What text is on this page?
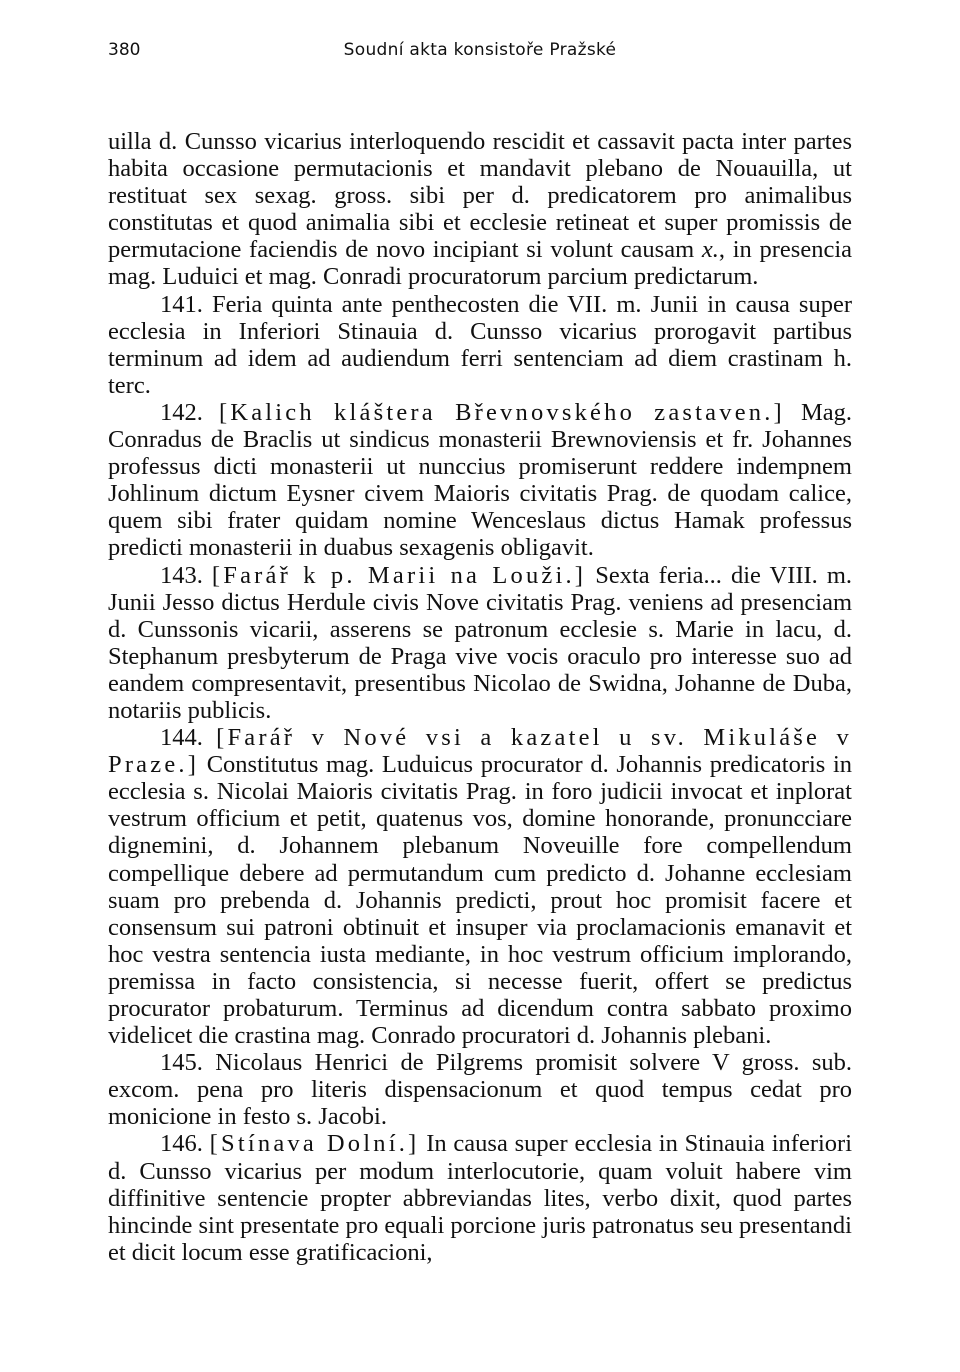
380	Soudní akta konsistoře Pražské

uilla d. Cunsso vicarius interloquendo rescidit et cassavit pacta inter partes habita occasione permutacionis et mandavit plebano de Nouauilla, ut restituat sex sexag. gross. sibi per d. predicatorem pro animalibus constitutas et quod animalia sibi et ecclesie retineat et super promissis de permutacione faciendis de novo incipiant si volunt causam x., in presencia mag. Luduici et mag. Conradi procuratorum parcium predictarum.

141. Feria quinta ante penthecosten die VII. m. Junii in causa super ecclesia in Inferiori Stinauia d. Cunsso vicarius prorogavit partibus terminum ad idem ad audiendum ferri sentenciam ad diem crastinam h. terc.

142. [Kalich kláštera Břevnovského zastaven.] Mag. Conradus de Braclis ut sindicus monasterii Brewnoviensis et fr. Johannes professus dicti monasterii ut nunccius promiserunt reddere indempnem Johlinum dictum Eysner civem Maioris civitatis Prag. de quodam calice, quem sibi frater quidam nomine Wenceslaus dictus Hamak professus predicti monasterii in duabus sexagenis obligavit.

143. [Farář k p. Marii na Louži.] Sexta feria... die VIII. m. Junii Jesso dictus Herdule civis Nove civitatis Prag. veniens ad presenciam d. Cunssonis vicarii, asserens se patronum ecclesie s. Marie in lacu, d. Stephanum presbyterum de Praga vive vocis oraculo pro interesse suo ad eandem compresentavit, presentibus Nicolao de Swidna, Johanne de Duba, notariis publicis.

144. [Farář v Nové vsi a kazatel u sv. Mikuláše v Praze.] Constitutus mag. Luduicus procurator d. Johannis predicatoris in ecclesia s. Nicolai Maioris civitatis Prag. in foro judicii invocat et inplorat vestrum officium et petit, quatenus vos, domine honorande, pronuncciare dignemini, d. Johannem plebanum Noveuille fore compellendum compellique debere ad permutandum cum predicto d. Johanne ecclesiam suam pro prebenda d. Johannis predicti, prout hoc promisit facere et consensum sui patroni obtinuit et insuper via proclamacionis emanavit et hoc vestra sentencia iusta mediante, in hoc vestrum officium implorando, premissa in facto consistencia, si necesse fuerit, offert se predictus procurator probaturum. Terminus ad dicendum contra sabbato proximo videlicet die crastina mag. Conrado procuratori d. Johannis plebani.

145. Nicolaus Henrici de Pilgrems promisit solvere V gross. sub. excom. pena pro literis dispensacionum et quod tempus cedat pro monicione in festo s. Jacobi.

146. [Stínava Dolní.] In causa super ecclesia in Stinauia inferiori d. Cunsso vicarius per modum interlocutorie, quam voluit habere vim diffinitive sentencie propter abbreviandas lites, verbo dixit, quod partes hincinde sint presentate pro equali porcione juris patronatus seu presentandi et dicit locum esse gratificacioni,
